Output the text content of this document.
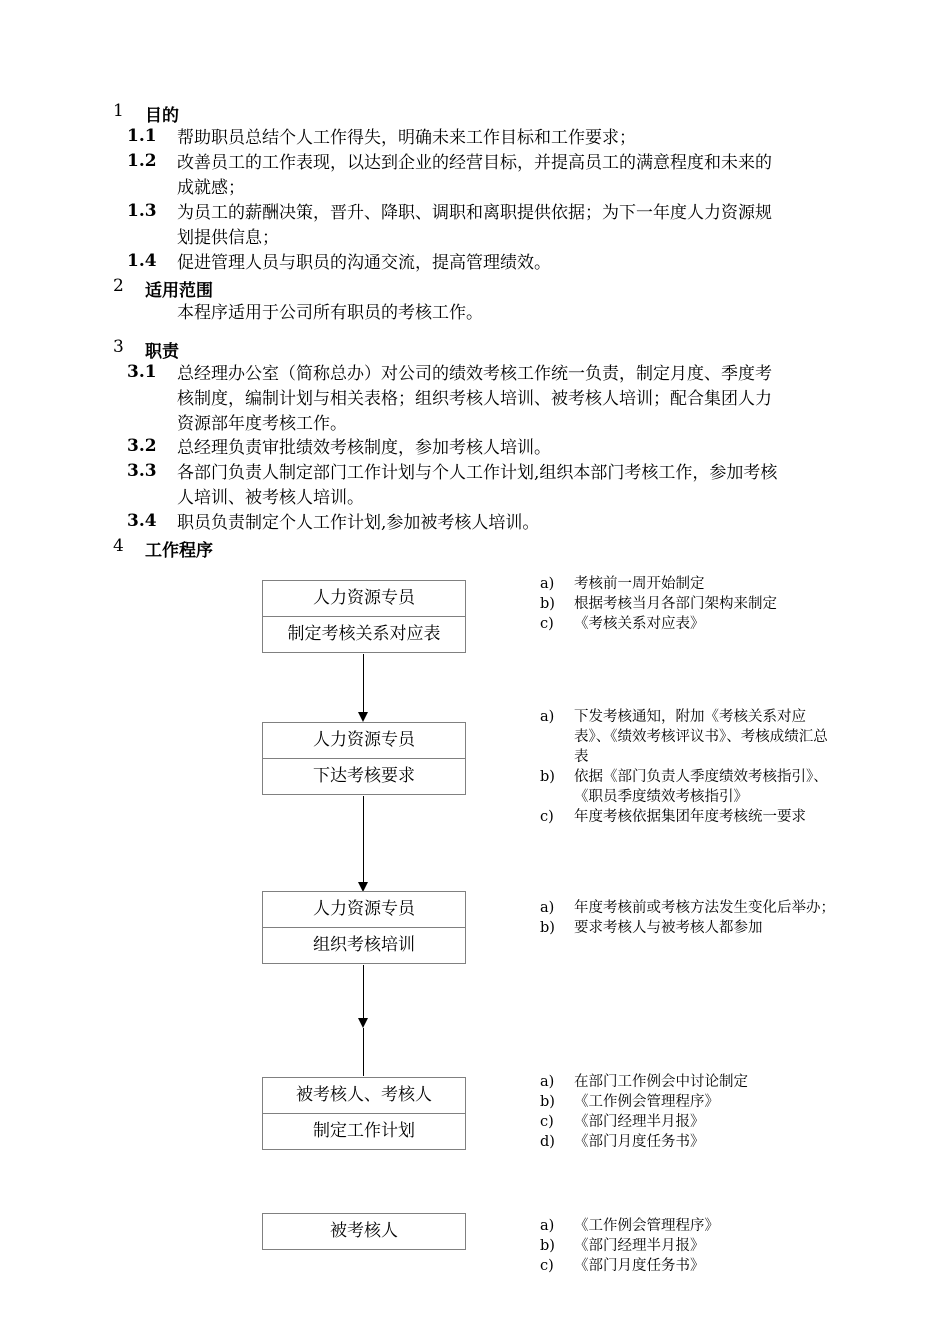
1 目的
1.1 帮助职员总结个人工作得失，明确未来工作目标和工作要求；
1.2 改善员工的工作表现，以达到企业的经营目标，并提高员工的满意程度和未来的
成就感；
1.3 为员工的薪酬决策，晋升、降职、调职和离职提供依据；为下一年度人力资源规
划提供信息；
1.4 促进管理人员与职员的沟通交流，提高管理绩效。
2 适用范围
本程序适用于公司所有职员的考核工作。
3 职责
3.1 总经理办公室（简称总办）对公司的绩效考核工作统一负责，制定月度、季度考
核制度，编制计划与相关表格；组织考核人培训、被考核人培训；配合集团人力
资源部年度考核工作。
3.2 总经理负责审批绩效考核制度，参加考核人培训。
3.3 各部门负责人制定部门工作计划与个人工作计划,组织本部门考核工作，参加考核
人培训、被考核人培训。
3.4 职员负责制定个人工作计划,参加被考核人培训。
4 工作程序
人力资源专员
制定考核关系对应表
a)	考核前一周开始制定
b)	根据考核当月各部门架构来制定
c)	《考核关系对应表》
人力资源专员
下达考核要求
a)	下发考核通知，附加《考核关系对应表》、《绩效考核评议书》、考核成绩汇总表
b)	依据《部门负责人季度绩效考核指引》、《职员季度绩效考核指引》
c)	年度考核依据集团年度考核统一要求
人力资源专员
组织考核培训
a)	年度考核前或考核方法发生变化后举办；
b)	要求考核人与被考核人都参加
被考核人、考核人
制定工作计划
a)	在部门工作例会中讨论制定
b)	《工作例会管理程序》
c)	《部门经理半月报》
d)	《部门月度任务书》
被考核人	a)	《工作例会管理程序》
b)	《部门经理半月报》
c)	《部门月度任务书》
